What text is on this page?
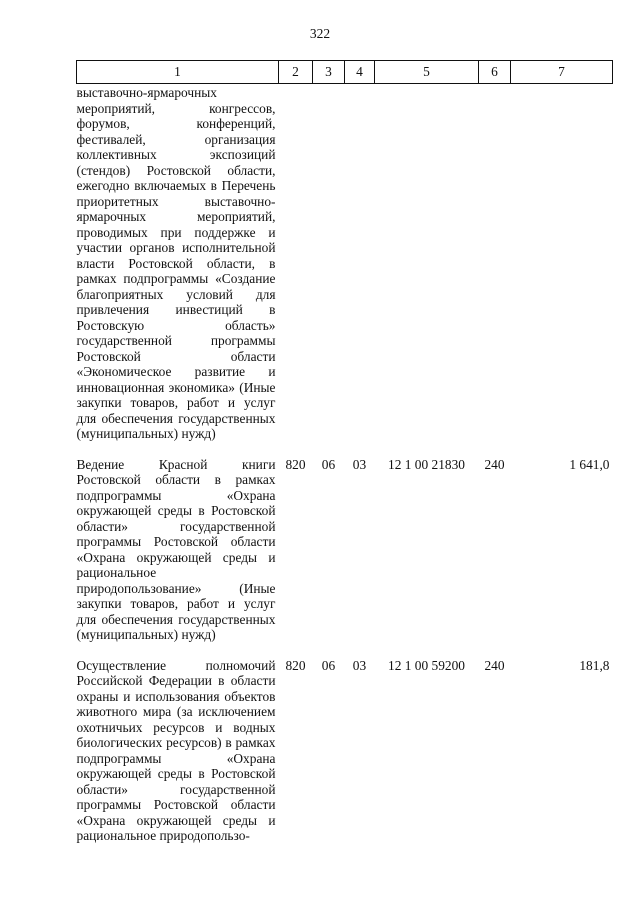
322
1	2	3	4	5	6	7
выставочно-ярмарочных мероприятий, конгрессов, форумов, конференций, фестивалей, организация коллективных экспозиций (стендов) Ростовской области, ежегодно включаемых в Перечень приоритетных выставочно-ярмарочных мероприятий, проводимых при поддержке и участии органов исполнительной власти Ростовской области, в рамках подпрограммы «Создание благоприятных условий для привлечения инвестиций в Ростовскую область» государственной программы Ростовской области «Экономическое развитие и инновационная экономика» (Иные закупки товаров, работ и услуг для обеспечения государственных (муниципальных) нужд)						
Ведение Красной книги Ростовской области в рамках подпрограммы «Охрана окружающей среды в Ростовской области» государственной программы Ростовской области «Охрана окружающей среды и рациональное природопользование» (Иные закупки товаров, работ и услуг для обеспечения государственных (муниципальных) нужд)	820	06	03	12 1 00 21830	240	1 641,0
Осуществление полномочий Российской Федерации в области охраны и использования объектов животного мира (за исключением охотничьих ресурсов и водных биологических ресурсов) в рамках подпрограммы «Охрана окружающей среды в Ростовской области» государственной программы Ростовской области «Охрана окружающей среды и рациональное природопользо-	820	06	03	12 1 00 59200	240	181,8
